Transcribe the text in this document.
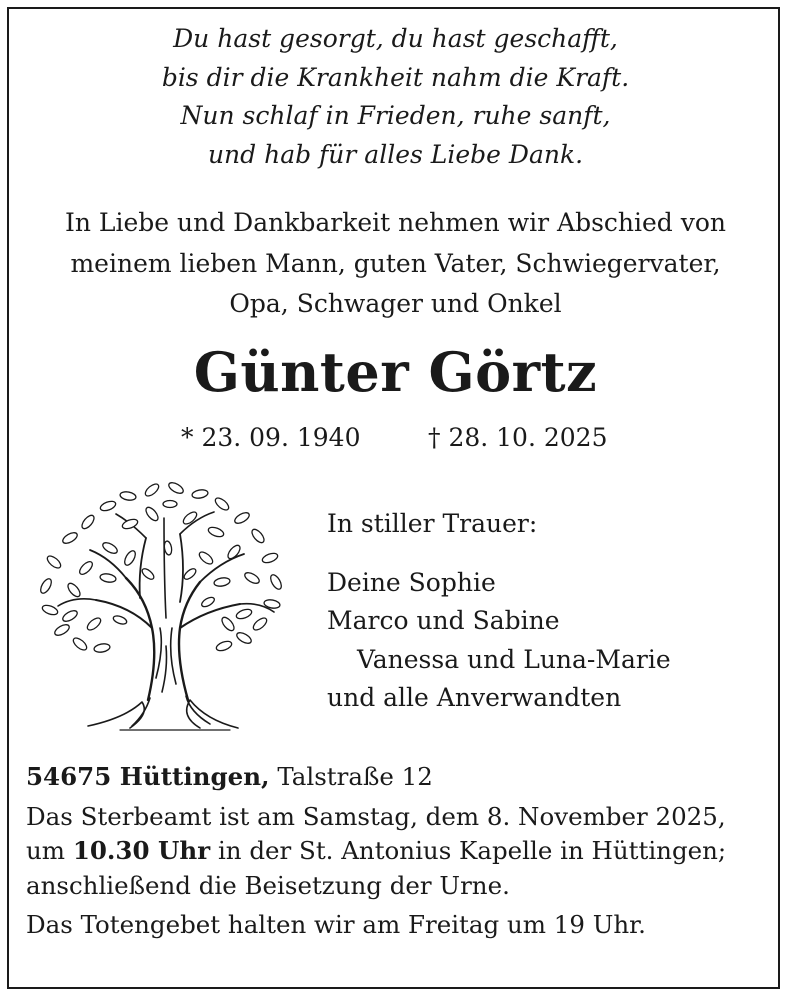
Du hast gesorgt, du hast geschafft,
bis dir die Krankheit nahm die Kraft.
Nun schlaf in Frieden, ruhe sanft,
und hab für alles Liebe Dank.
In Liebe und Dankbarkeit nehmen wir Abschied von
meinem lieben Mann, guten Vater, Schwiegervater,
Opa, Schwager und Onkel
Günter Görtz
* 23. 09. 1940	† 28. 10. 2025
In stiller Trauer:
Deine Sophie
Marco und Sabine
Vanessa und Luna-Marie
und alle Anverwandten
54675 Hüttingen, Talstraße 12
Das Sterbeamt ist am Samstag, dem 8. November 2025,
um 10.30 Uhr in der St. Antonius Kapelle in Hüttingen;
anschließend die Beisetzung der Urne.
Das Totengebet halten wir am Freitag um 19 Uhr.
